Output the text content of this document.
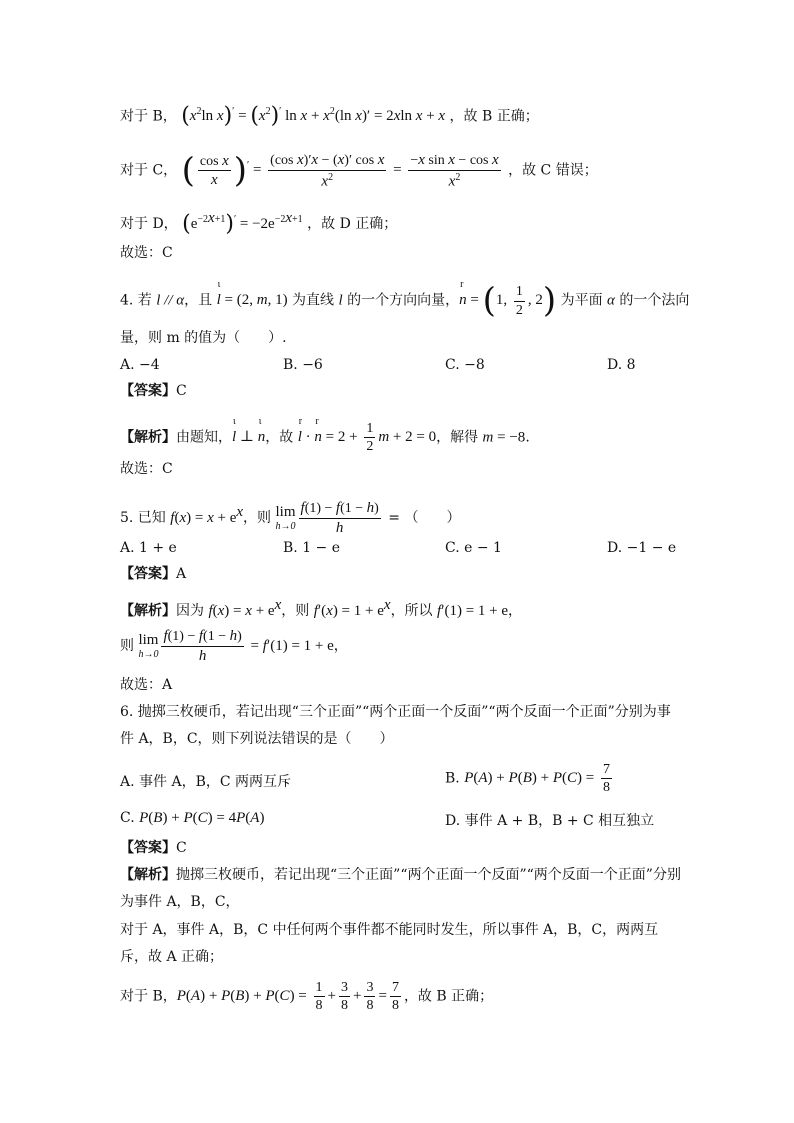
对于 B， ($x^2\ln$ $x)' = (x^2)'$ $\ln x + x^2(\ln$ x)′ = 2xln x + x ，故 B 正确；
对于 C， ( $\frac{\text{cos x}}{x} )' = \frac{\text{(cos x)′x − (x)′ cos x}}{x^2} = \frac{\text{−x sin x − cos x}}{x^2}$ ，故 C 错误；
对于 D， $(e^{-2x+1})' = -2e^{-2x+1}$ ，故 D 正确；
故选：C
4. 若 l // α，且 ι l = (2, m, 1) 为直线 l 的一个方向向量，r n = (1, $\frac{1}{2}$ , 2) 为平面 α 的一个法向
量，则 m 的值为（　　）.
A. −4	B. −6	C. −8	D. 8
【答案】C
【解析】由题知，ι l ⊥ ι n，故 r l · r $n = 2 + \frac{1}{2}$ m + 2 = 0，解得 m = −8.
故选：C
5. 已知 $f(x) = x + e^x$，则 lim
$h\to 0 \frac{f(1) - f(1 - h)}{h}$ = （　　）
A. 1 + e	B. 1 − e	C. e − 1	D. −1 − e
【答案】A
【解析】因为 $f(x) = x + e^x$，则 $f'(x) = 1 + e^x$，所以 f′(1) = 1 + e，
则 lim
$h\to 0 \frac{f(1) - f(1 - h)}{h} = f'(1) = 1 + e$，
故选：A
6. 抛掷三枚硬币，若记出现“三个正面”“两个正面一个反面”“两个反面一个正面”分别为事
件 A，B，C，则下列说法错误的是（　　）
A. 事件 A，B，C 两两互斥	B. $P(A) + P(B) + P(C) = \frac{7}{8}$
C. P(B) + P(C) = 4P(A)	D. 事件 A + B，B + C 相互独立
【答案】C
【解析】抛掷三枚硬币，若记出现“三个正面”“两个正面一个反面”“两个反面一个正面”分别
为事件 A，B，C，
对于 A，事件 A，B，C 中任何两个事件都不能同时发生，所以事件 A，B，C，两两互
斥，故 A 正确；
对于 B，$P(A) + P(B) + P(C) = \frac{1}{8} + \frac{3}{8} + \frac{3}{8} = \frac{7}{8}$ ，故 B 正确；
